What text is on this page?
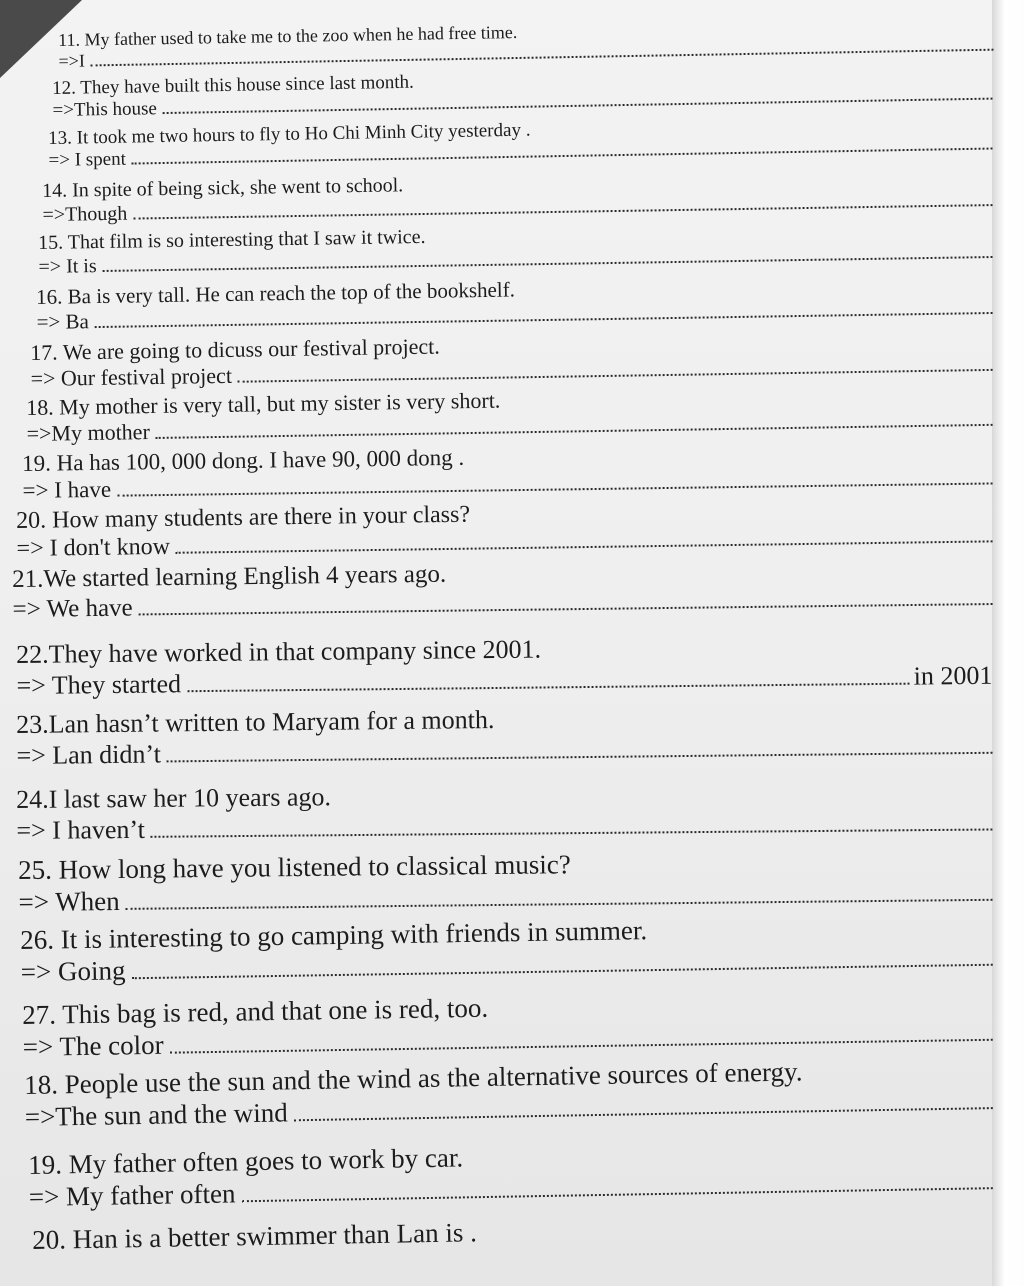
11. My father used to take me to the zoo when he had free time.
=>I
12. They have built this house since last month.
=>This house
13. It took me two hours to fly to Ho Chi Minh City yesterday .
=> I spent
14. In spite of being sick, she went to school.
=>Though
15. That film is so interesting that I saw it twice.
=> It is
16. Ba is very tall. He can reach the top of the bookshelf.
=> Ba
17. We are going to dicuss our festival project.
=> Our festival project
18. My mother is very tall, but my sister is very short.
=>My mother
19. Ha has 100, 000 dong. I have 90, 000 dong .
=> I have
20. How many students are there in your class?
=> I don't know
21.We started learning English 4 years ago.
=> We have
22.They have worked in that company since 2001.
=> They started	in 2001
23.Lan hasn’t written to Maryam for a month.
=> Lan didn’t
24.I last saw her 10 years ago.
=> I haven’t
25. How long have you listened to classical music?
=> When
26. It is interesting to go camping with friends in summer.
=> Going
27. This bag is red, and that one is red, too.
=> The color
18. People use the sun and the wind as the alternative sources of energy.
=>The sun and the wind
19. My father often goes to work by car.
=> My father often
20. Han is a better swimmer than Lan is .
